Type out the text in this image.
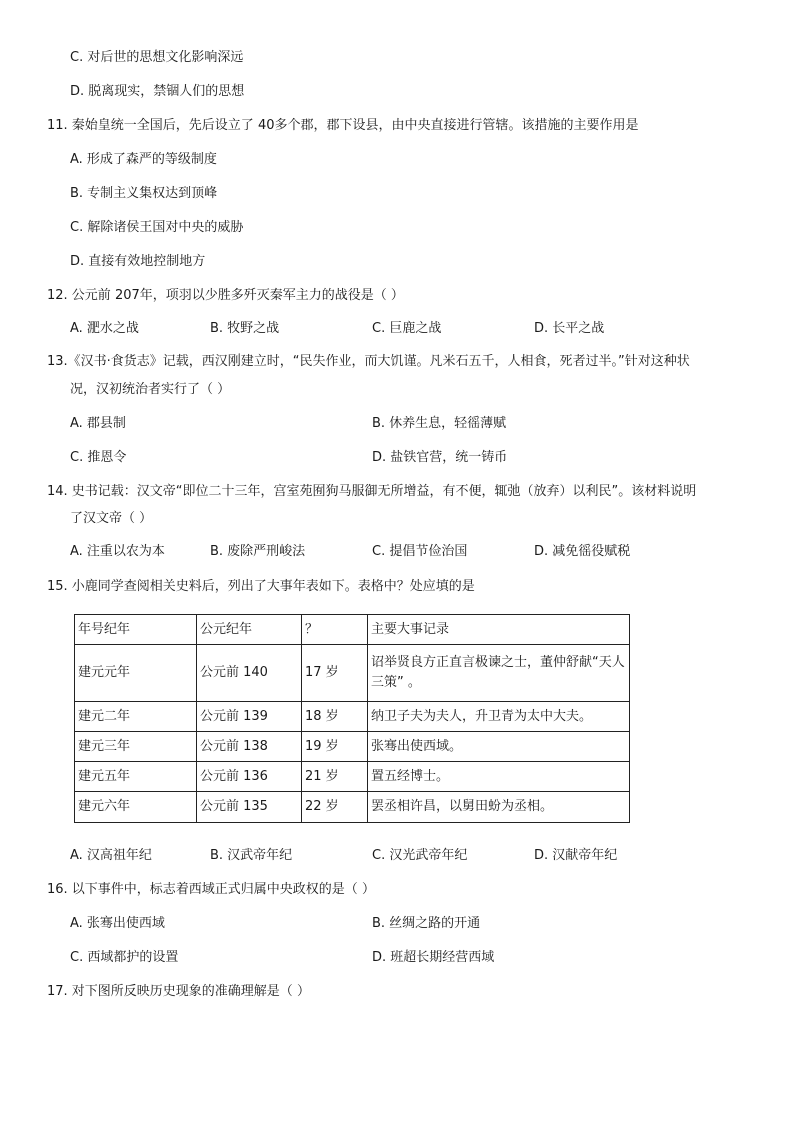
C. 对后世的思想文化影响深远
D. 脱离现实，禁锢人们的思想
11. 秦始皇统一全国后，先后设立了 40多个郡，郡下设县，由中央直接进行管辖。该措施的主要作用是
A. 形成了森严的等级制度
B. 专制主义集权达到顶峰
C. 解除诸侯王国对中央的威胁
D. 直接有效地控制地方
12. 公元前 207年，项羽以少胜多歼灭秦军主力的战役是（ ）
A. 淝水之战	B. 牧野之战	C. 巨鹿之战	D. 长平之战
13.《汉书·食货志》记载，西汉刚建立时，“民失作业，而大饥谨。凡米石五千，人相食，死者过半。”针对这种状
况，汉初统治者实行了（ ）
A. 郡县制	B. 休养生息，轻徭薄赋
C. 推恩令	D. 盐铁官营，统一铸币
14. 史书记载：汉文帝“即位二十三年，宫室苑囿狗马服御无所增益，有不便，辄弛（放弃）以利民”。该材料说明
了汉文帝（ ）
A. 注重以农为本	B. 废除严刑峻法	C. 提倡节俭治国	D. 减免徭役赋税
15. 小鹿同学查阅相关史料后，列出了大事年表如下。表格中？处应填的是
年号纪年	公元纪年	？	主要大事记录
建元元年	公元前 140	17 岁	诏举贤良方正直言极谏之士，董仲舒献“天人三策” 。
建元二年	公元前 139	18 岁	纳卫子夫为夫人，升卫青为太中大夫。
建元三年	公元前 138	19 岁	张骞出使西域。
建元五年	公元前 136	21 岁	置五经博士。
建元六年	公元前 135	22 岁	罢丞相许昌，以舅田蚡为丞相。
A. 汉高祖年纪	B. 汉武帝年纪	C. 汉光武帝年纪	D. 汉献帝年纪
16. 以下事件中，标志着西域正式归属中央政权的是（ ）
A. 张骞出使西域	B. 丝绸之路的开通
C. 西域都护的设置	D. 班超长期经营西域
17. 对下图所反映历史现象的准确理解是（ ）
